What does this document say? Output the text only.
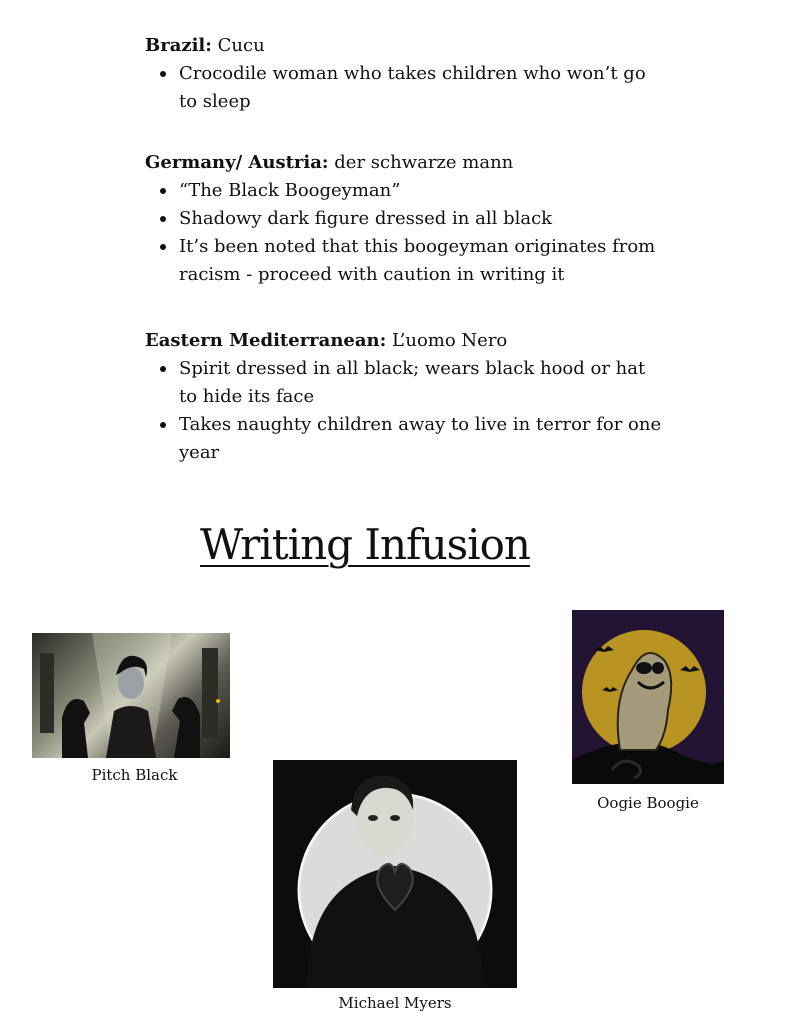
Brazil: Cucu

Crocodile woman who takes children who won’t go to sleep

Germany/ Austria: der schwarze mann

“The Black Boogeyman”
Shadowy dark figure dressed in all black
It’s been noted that this boogeyman originates from racism - proceed with caution in writing it

Eastern Mediterranean: L’uomo Nero

Spirit dressed in all black; wears black hood or hat to hide its face
Takes naughty children away to live in terror for one year
Writing Infusion
Pitch Black
Oogie Boogie
Michael Myers
